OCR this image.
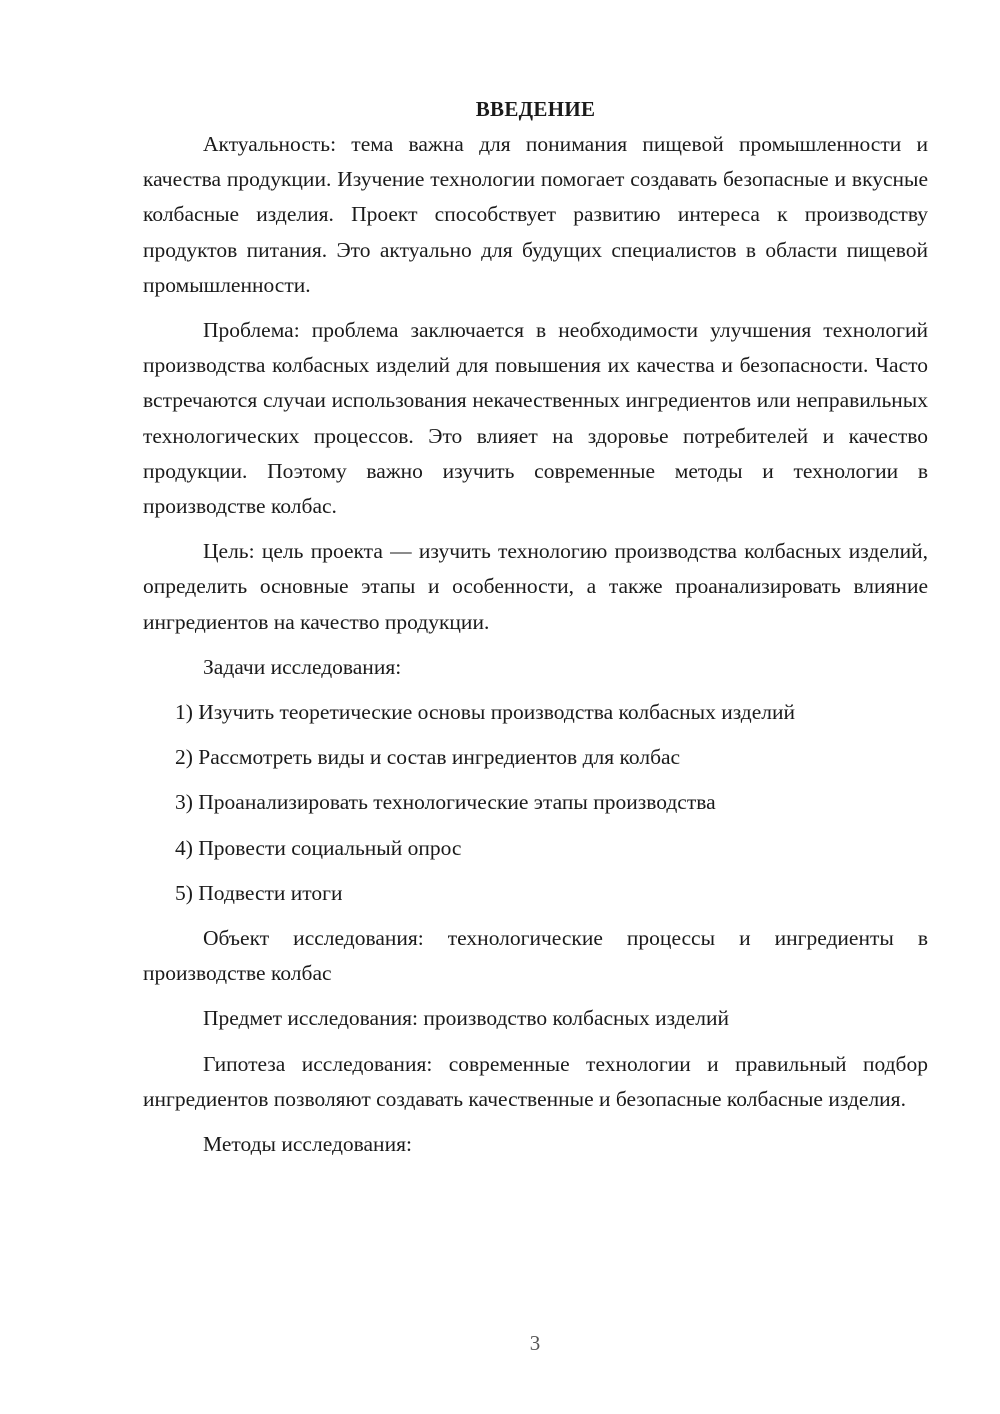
ВВЕДЕНИЕ

Актуальность: тема важна для понимания пищевой промышленности и качества продукции. Изучение технологии помогает создавать безопасные и вкусные колбасные изделия. Проект способствует развитию интереса к производству продуктов питания. Это актуально для будущих специалистов в области пищевой промышленности.

Проблема: проблема заключается в необходимости улучшения технологий производства колбасных изделий для повышения их качества и безопасности. Часто встречаются случаи использования некачественных ингредиентов или неправильных технологических процессов. Это влияет на здоровье потребителей и качество продукции. Поэтому важно изучить современные методы и технологии в производстве колбас.

Цель: цель проекта — изучить технологию производства колбасных изделий, определить основные этапы и особенности, а также проанализировать влияние ингредиентов на качество продукции.

Задачи исследования:

1) Изучить теоретические основы производства колбасных изделий
2) Рассмотреть виды и состав ингредиентов для колбас
3) Проанализировать технологические этапы производства
4) Провести социальный опрос
5) Подвести итоги

Объект исследования: технологические процессы и ингредиенты в производстве колбас

Предмет исследования: производство колбасных изделий

Гипотеза исследования: современные технологии и правильный подбор ингредиентов позволяют создавать качественные и безопасные колбасные изделия.

Методы исследования:

3
